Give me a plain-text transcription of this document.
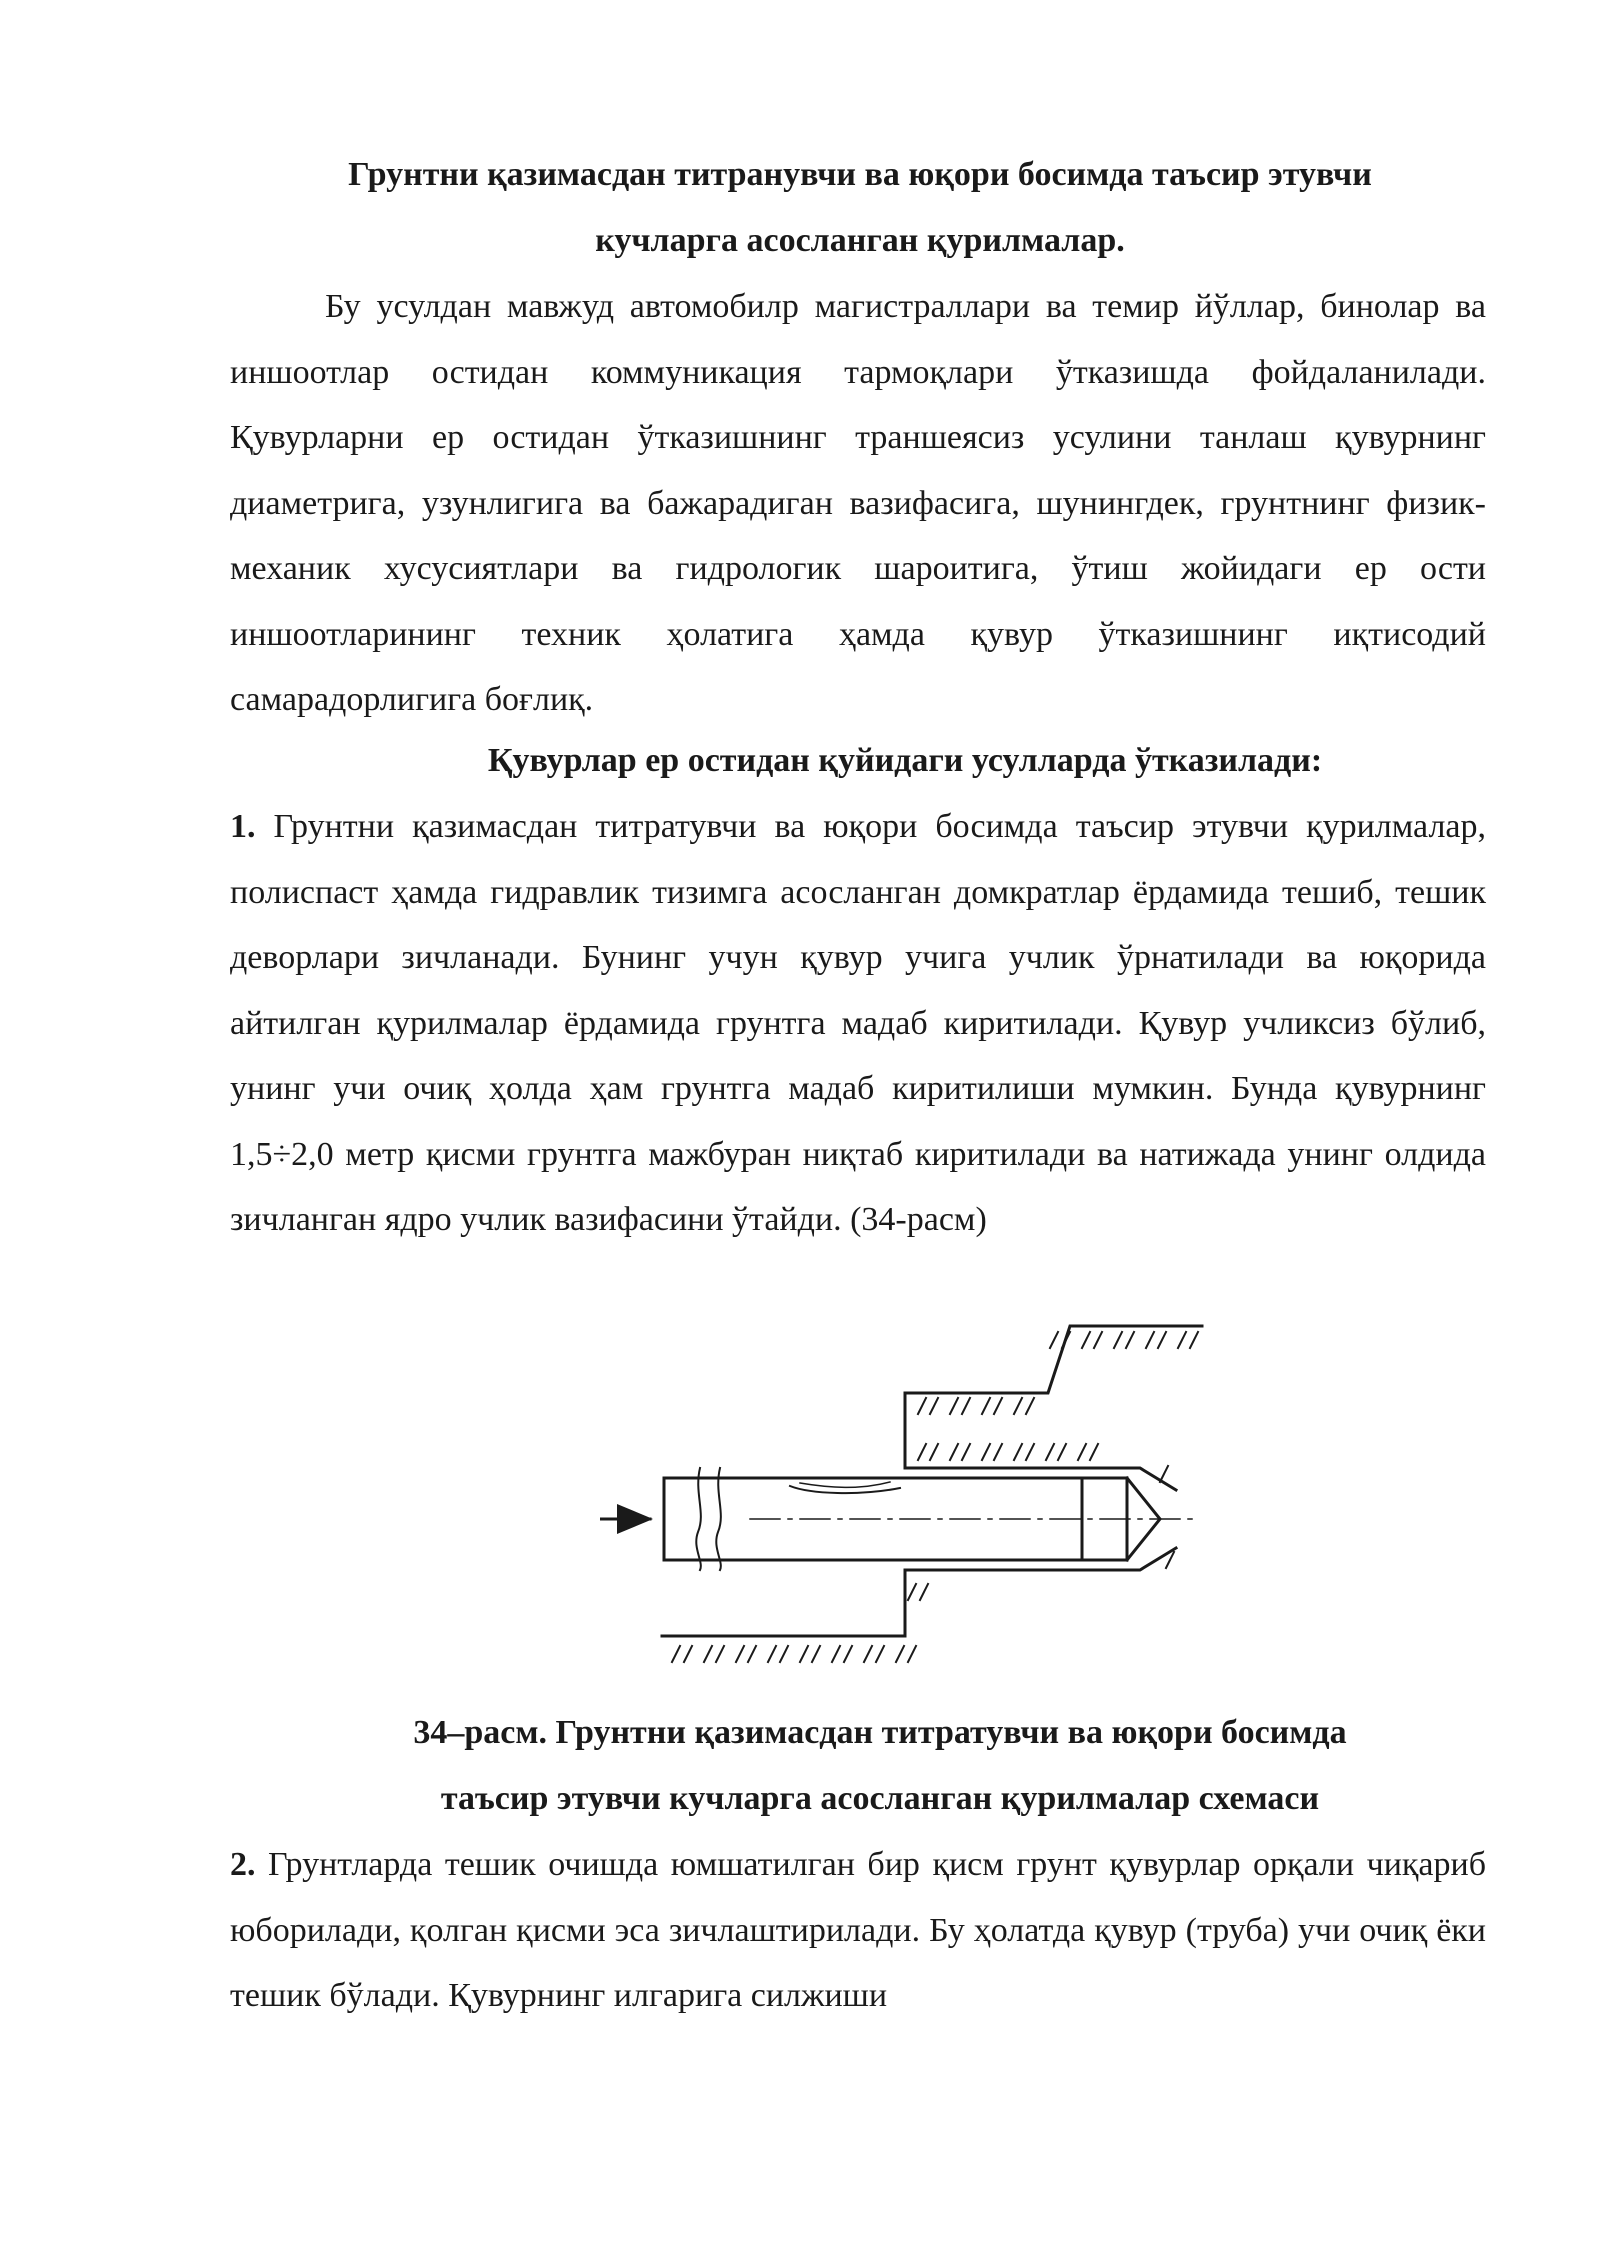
Грунтни қазимасдан титранувчи ва юқори босимда таъсир этувчи
кучларга асосланган қурилмалар.

Бу усулдан мавжуд автомобилр магистраллари ва темир йўллар, бинолар ва иншоотлар остидан коммуникация тармоқлари ўтказишда фойдаланилади. Қувурларни ер остидан ўтказишнинг траншеясиз усулини танлаш қувурнинг диаметрига, узунлигига ва бажарадиган вазифасига, шунингдек, грунтнинг физик-механик хусусиятлари ва гидрологик шароитига, ўтиш жойидаги ер ости иншоотларининг техник ҳолатига ҳамда қувур ўтказишнинг иқтисодий самарадорлигига боғлиқ.

Қувурлар ер остидан қуйидаги усулларда ўтказилади:

1. Грунтни қазимасдан титратувчи ва юқори босимда таъсир этувчи қурилмалар, полиспаст ҳамда гидравлик тизимга асосланган домкратлар ёрдамида тешиб, тешик деворлари зичланади. Бунинг учун қувур учига учлик ўрнатилади ва юқорида айтилган қурилмалар ёрдамида грунтга мадаб киритилади. Қувур учликсиз бўлиб, унинг учи очиқ ҳолда ҳам грунтга мадаб киритилиши мумкин. Бунда қувурнинг 1,5÷2,0 метр қисми грунтга мажбуран ниқтаб киритилади ва натижада унинг олдида зичланган ядро учлик вазифасини ўтайди. (34-расм)

34–расм. Грунтни қазимасдан титратувчи ва юқори босимда
таъсир этувчи кучларга асосланган қурилмалар схемаси

2. Грунтларда тешик очишда юмшатилган бир қисм грунт қувурлар орқали чиқариб юборилади, қолган қисми эса зичлаштирилади. Бу ҳолатда қувур (труба) учи очиқ ёки тешик бўлади. Қувурнинг илгарига силжиши
